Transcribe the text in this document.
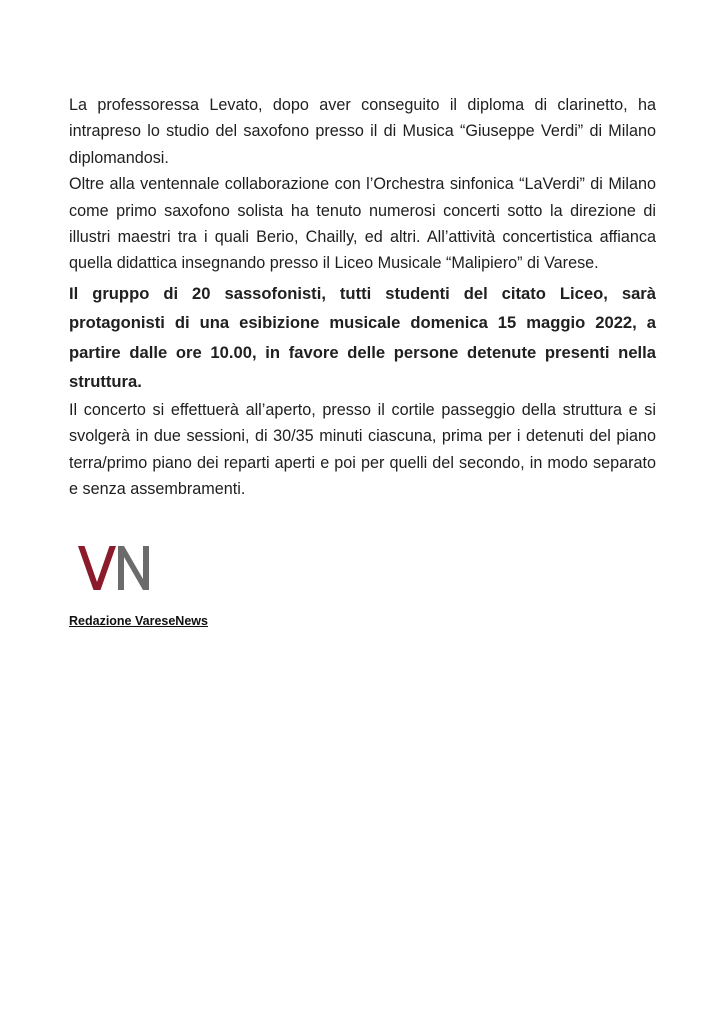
La professoressa Levato, dopo aver conseguito il diploma di clarinetto, ha intrapreso lo studio del saxofono presso il di Musica “Giuseppe Verdi” di Milano diplomandosi.

Oltre alla ventennale collaborazione con l’Orchestra sinfonica “LaVerdi” di Milano come primo saxofono solista ha tenuto numerosi concerti sotto la direzione di illustri maestri tra i quali Berio, Chailly, ed altri. All’attività concertistica affianca quella didattica insegnando presso il Liceo Musicale “Malipiero” di Varese.

Il gruppo di 20 sassofonisti, tutti studenti del citato Liceo, sarà protagonisti di una esibizione musicale domenica 15 maggio 2022, a partire dalle ore 10.00, in favore delle persone detenute presenti nella struttura.

Il concerto si effettuerà all’aperto, presso il cortile passeggio della struttura e si svolgerà in due sessioni, di 30/35 minuti ciascuna, prima per i detenuti del piano terra/primo piano dei reparti aperti e poi per quelli del secondo, in modo separato e senza assembramenti.

Redazione VareseNews
